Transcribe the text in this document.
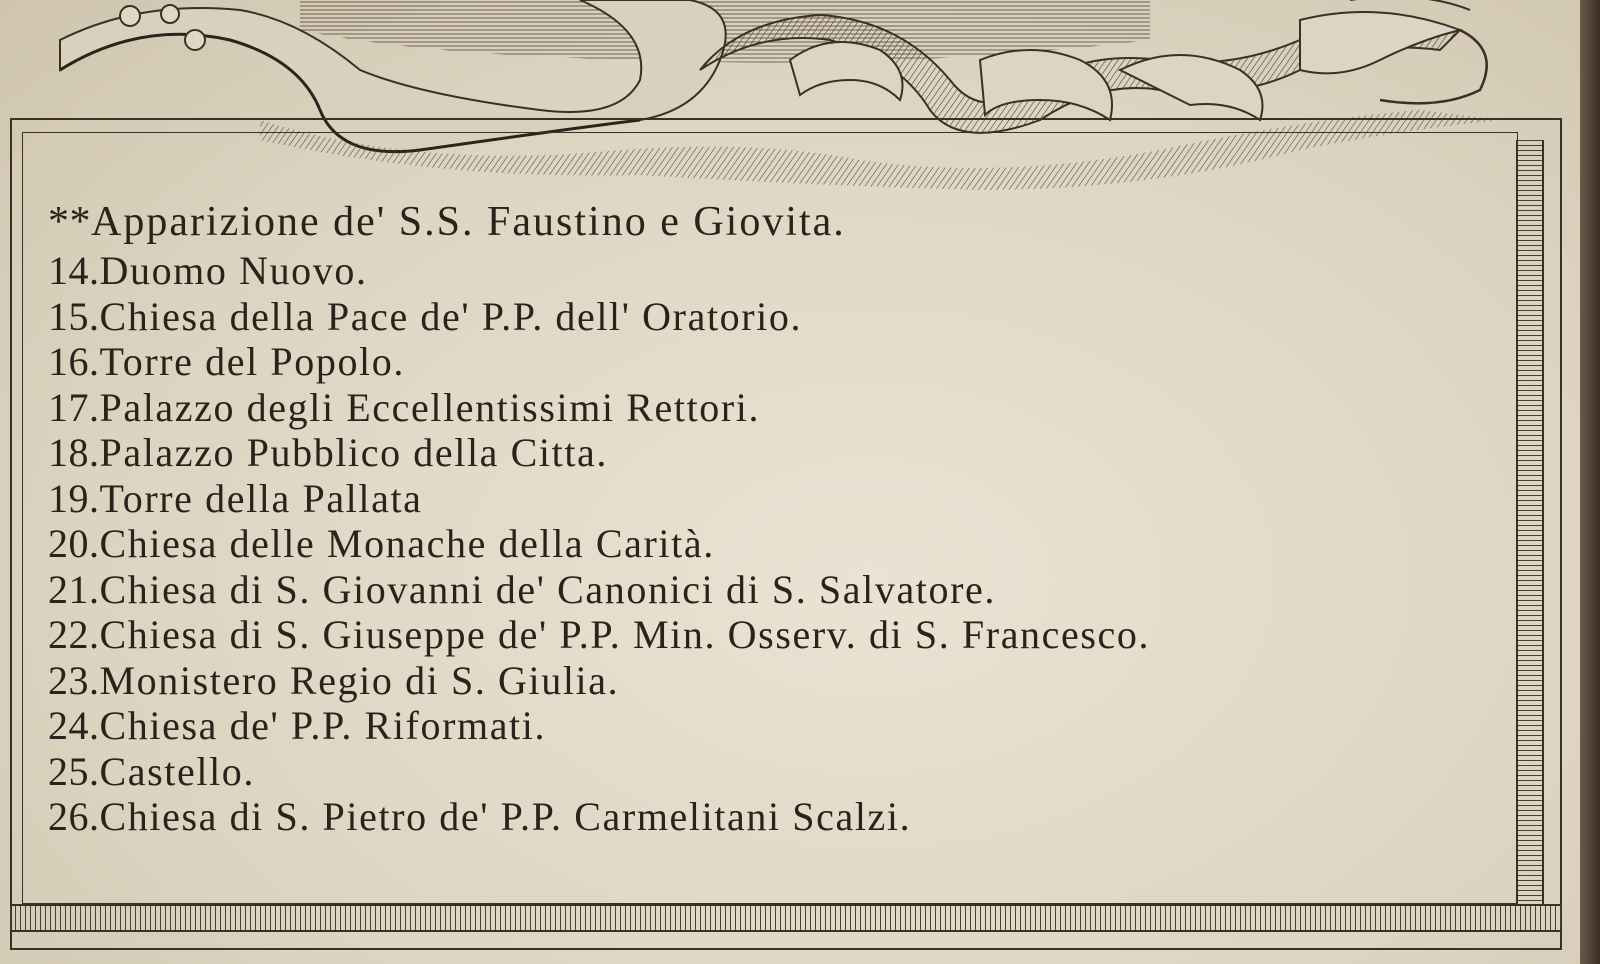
**Apparizione de' S.S. Faustino e Giovita.
14.Duomo Nuovo.
15.Chiesa della Pace de' P.P. dell' Oratorio.
16.Torre del Popolo.
17.Palazzo degli Eccellentissimi Rettori.
18.Palazzo Pubblico della Citta.
19.Torre della Pallata
20.Chiesa delle Monache della Carità.
21.Chiesa di S. Giovanni de' Canonici di S. Salvatore.
22.Chiesa di S. Giuseppe de' P.P. Min. Osserv. di S. Francesco.
23.Monistero Regio di S. Giulia.
24.Chiesa de' P.P. Riformati.
25.Castello.
26.Chiesa di S. Pietro de' P.P. Carmelitani Scalzi.
